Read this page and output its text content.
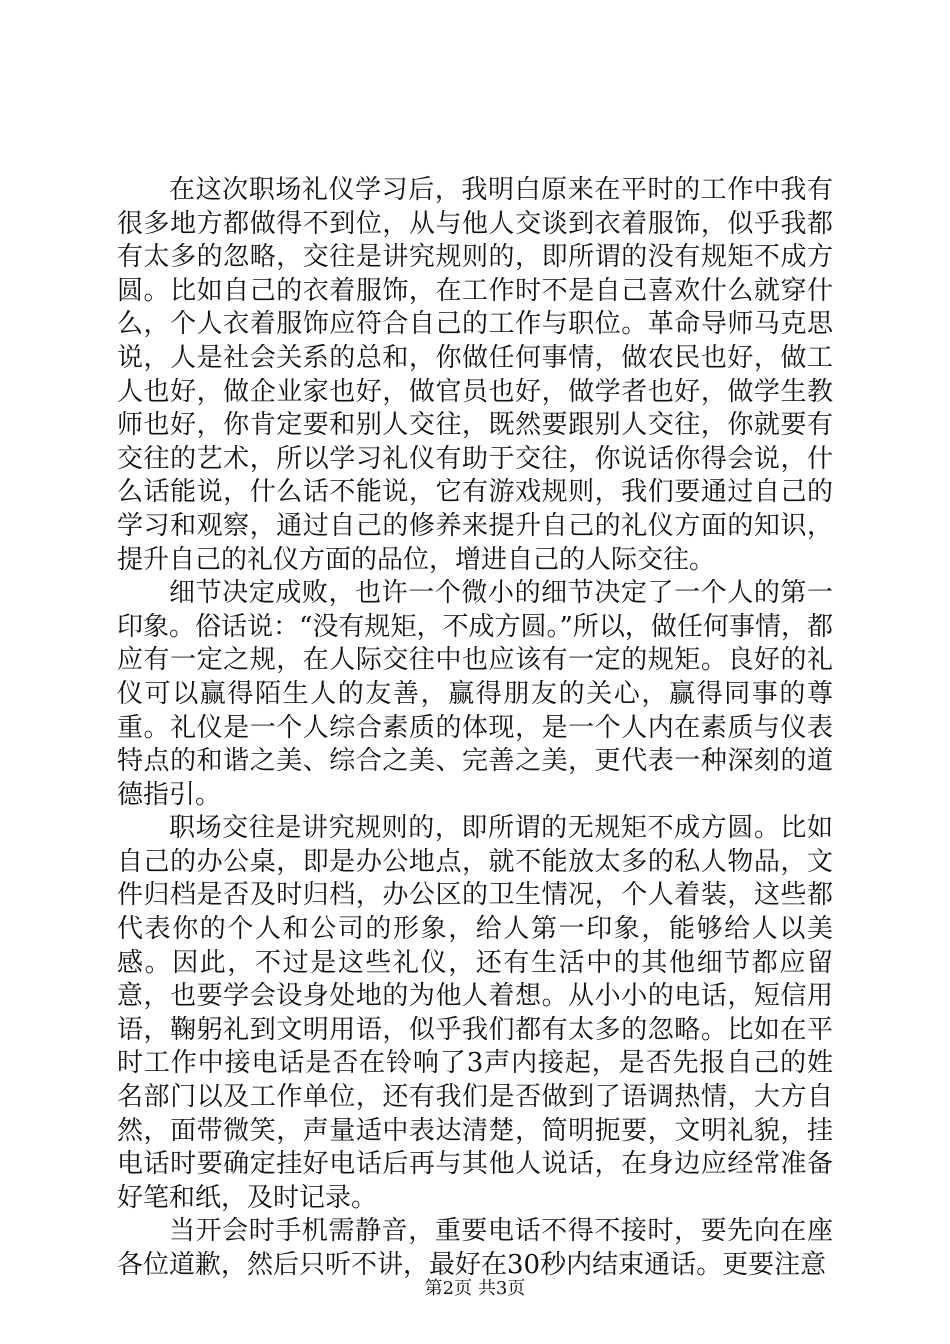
在这次职场礼仪学习后，我明白原来在平时的工作中我有很多地方都做得不到位，从与他人交谈到衣着服饰，似乎我都有太多的忽略，交往是讲究规则的，即所谓的没有规矩不成方圆。比如自己的衣着服饰，在工作时不是自己喜欢什么就穿什么，个人衣着服饰应符合自己的工作与职位。革命导师马克思说，人是社会关系的总和，你做任何事情，做农民也好，做工人也好，做企业家也好，做官员也好，做学者也好，做学生教师也好，你肯定要和别人交往，既然要跟别人交往，你就要有交往的艺术，所以学习礼仪有助于交往，你说话你得会说，什么话能说，什么话不能说，它有游戏规则，我们要通过自己的学习和观察，通过自己的修养来提升自己的礼仪方面的知识，提升自己的礼仪方面的品位，增进自己的人际交往。

细节决定成败，也许一个微小的细节决定了一个人的第一印象。俗话说：“没有规矩，不成方圆。”所以，做任何事情，都应有一定之规，在人际交往中也应该有一定的规矩。良好的礼仪可以赢得陌生人的友善，赢得朋友的关心，赢得同事的尊重。礼仪是一个人综合素质的体现，是一个人内在素质与仪表特点的和谐之美、综合之美、完善之美，更代表一种深刻的道德指引。

职场交往是讲究规则的，即所谓的无规矩不成方圆。比如自己的办公桌，即是办公地点，就不能放太多的私人物品，文件归档是否及时归档，办公区的卫生情况，个人着装，这些都代表你的个人和公司的形象，给人第一印象，能够给人以美感。因此，不过是这些礼仪，还有生活中的其他细节都应留意，也要学会设身处地的为他人着想。从小小的电话，短信用语，鞠躬礼到文明用语，似乎我们都有太多的忽略。比如在平时工作中接电话是否在铃响了3声内接起，是否先报自己的姓名部门以及工作单位，还有我们是否做到了语调热情，大方自然，面带微笑，声量适中表达清楚，简明扼要，文明礼貌，挂电话时要确定挂好电话后再与其他人说话，在身边应经常准备好笔和纸，及时记录。

当开会时手机需静音，重要电话不得不接时，要先向在座各位道歉，然后只听不讲，最好在30秒内结束通话。更要注意

第2页 共3页
